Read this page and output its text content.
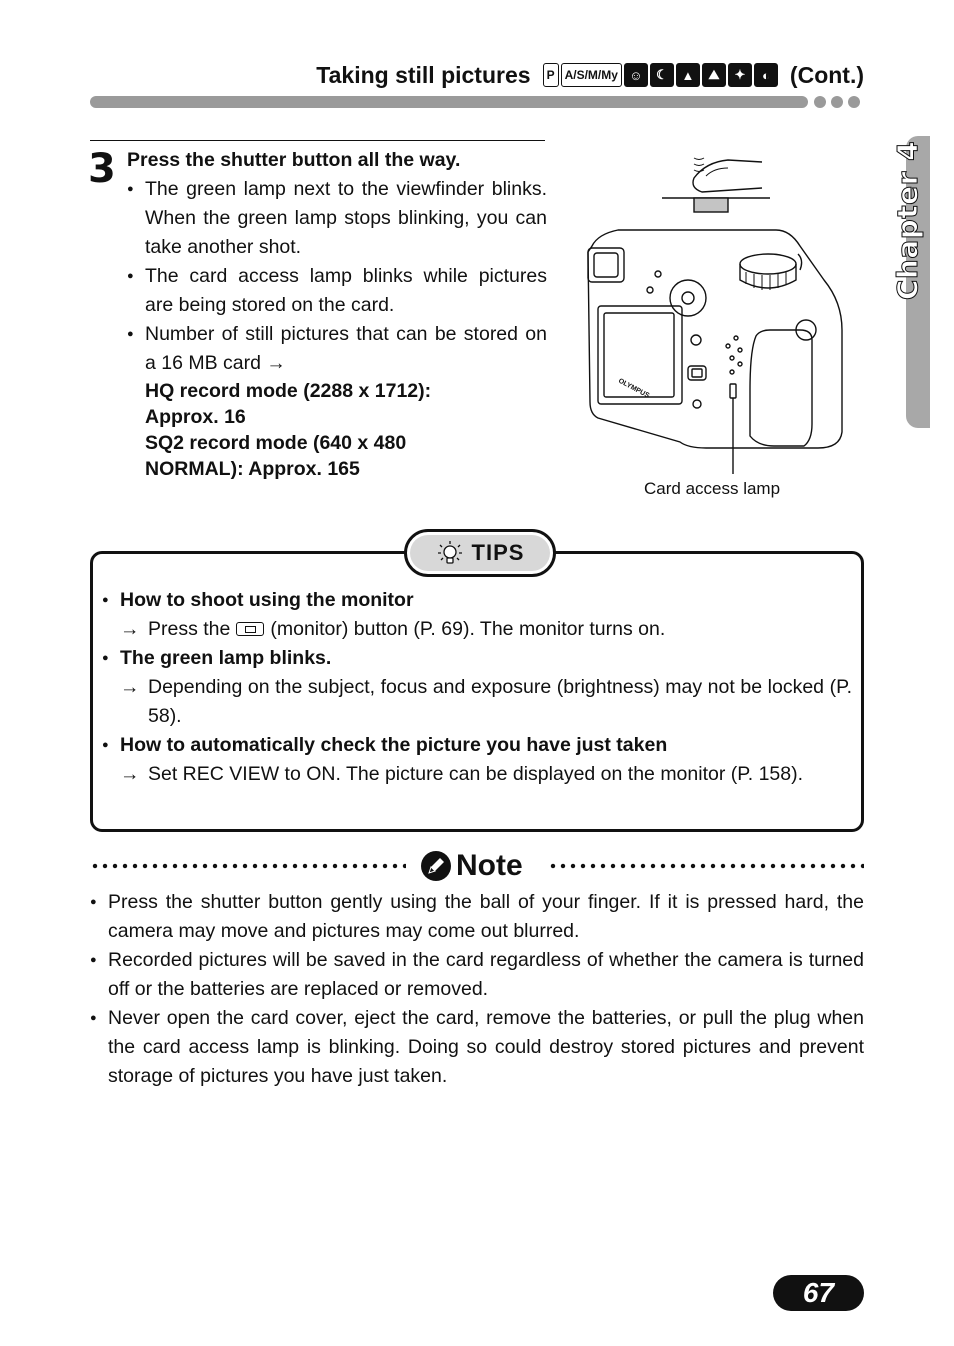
Taking still pictures	P A/S/M/My ☺	☾	▲	⛰	✦	◐ (Cont.)
Chapter 4
3 Press the shutter button all the way.
● The green lamp next to the viewfinder blinks. When the green lamp stops blinking, you can take another shot.
● The card access lamp blinks while pictures are being stored on the card.
● Number of still pictures that can be stored on a 16 MB card →
HQ record mode (2288 x 1712):
Approx. 16
SQ2 record mode (640 x 480
NORMAL): Approx. 165
OLYMPUS
Card access lamp
TIPS
● How to shoot using the monitor
→ Press the (monitor) button (P. 69). The monitor turns on.
● The green lamp blinks.
→ Depending on the subject, focus and exposure (brightness) may not be locked (P. 58).
● How to automatically check the picture you have just taken
→ Set REC VIEW to ON. The picture can be displayed on the monitor (P. 158).
Note
● Press the shutter button gently using the ball of your finger. If it is pressed hard, the camera may move and pictures may come out blurred.
● Recorded pictures will be saved in the card regardless of whether the camera is turned off or the batteries are replaced or removed.
● Never open the card cover, eject the card, remove the batteries, or pull the plug when the card access lamp is blinking. Doing so could destroy stored pictures and prevent storage of pictures you have just taken.
67
